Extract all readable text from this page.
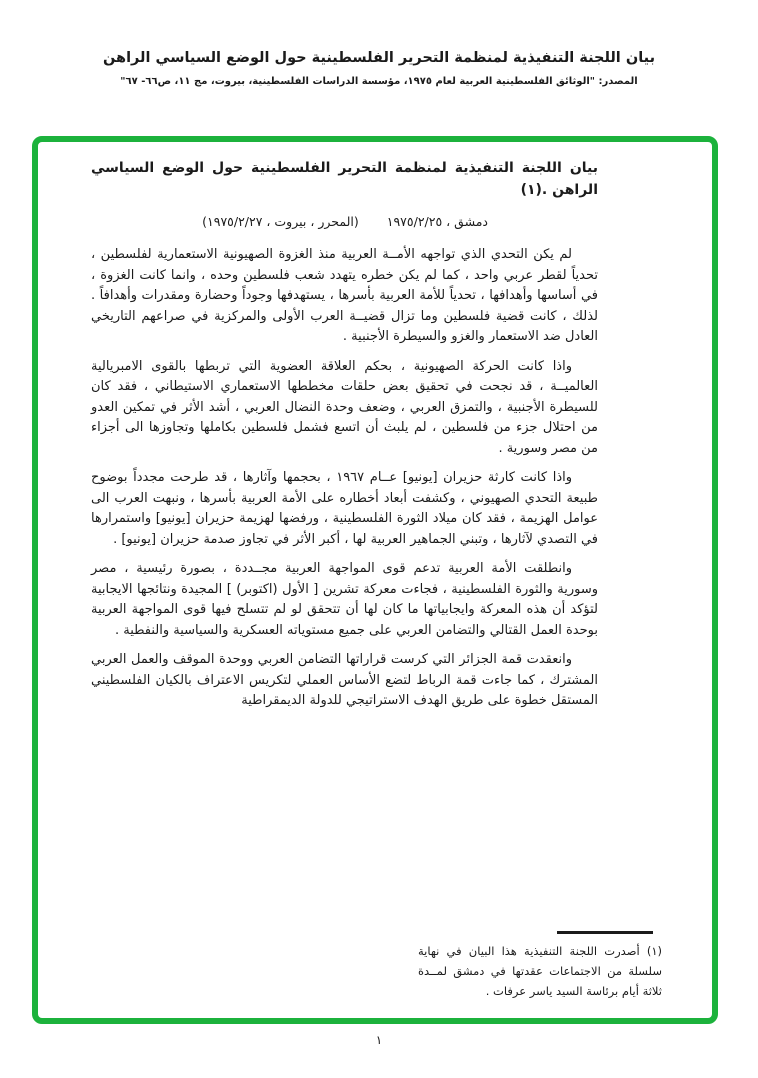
بيان اللجنة التنفيذية لمنظمة التحرير الفلسطينية حول الوضع السياسي الراهن
المصدر: "الوثائق الفلسطينية العربية لعام ١٩٧٥، مؤسسة الدراسات الفلسطينية، بيروت، مج ١١، ص٦٦- ٦٧"

بيان اللجنة التنفيذية لمنظمة التحرير الفلسطينية حول الوضع السياسي الراهن .(١)

دمشق ، ١٩٧٥/٢/٢٥
(المحرر ، بيروت ، ١٩٧٥/٢/٢٧)

لم يكن التحدي الذي تواجهه الأمــة العربية منذ الغزوة الصهيونية الاستعمارية لفلسطين ، تحدياً لقطر عربي واحد ، كما لم يكن خطره يتهدد شعب فلسطين وحده ، وانما كانت الغزوة ، في أساسها وأهدافها ، تحدياً للأمة العربية بأسرها ، يستهدفها وجوداً وحضارة ومقدرات وأهدافاً . لذلك ، كانت قضية فلسطين وما تزال قضيــة العرب الأولى والمركزية في صراعهم التاريخي العادل ضد الاستعمار والغزو والسيطرة الأجنبية .

واذا كانت الحركة الصهيونية ، بحكم العلاقة العضوية التي تربطها بالقوى الامبريالية العالميــة ، قد نجحت في تحقيق بعض حلقات مخططها الاستعماري الاستيطاني ، فقد كان للسيطرة الأجنبية ، والتمزق العربي ، وضعف وحدة النضال العربي ، أشد الأثر في تمكين العدو من احتلال جزء من فلسطين ، لم يلبث أن اتسع فشمل فلسطين بكاملها وتجاوزها الى أجزاء من مصر وسورية .

واذا كانت كارثة حزيران [يونيو] عــام ١٩٦٧ ، بحجمها وآثارها ، قد طرحت مجدداً بوضوح طبيعة التحدي الصهيوني ، وكشفت أبعاد أخطاره على الأمة العربية بأسرها ، ونبهت العرب الى عوامل الهزيمة ، فقد كان ميلاد الثورة الفلسطينية ، ورفضها لهزيمة حزيران [يونيو] واستمرارها في التصدي لآثارها ، وتبني الجماهير العربية لها ، أكبر الأثر في تجاوز صدمة حزيران [يونيو] .

وانطلقت الأمة العربية تدعم قوى المواجهة العربية مجــددة ، بصورة رئيسية ، مصر وسورية والثورة الفلسطينية ، فجاءت معركة تشرين [ الأول (اكتوبر) ] المجيدة ونتائجها الايجابية لتؤكد أن هذه المعركة وايجابياتها ما كان لها أن تتحقق لو لم تتسلح فيها قوى المواجهة العربية بوحدة العمل القتالي والتضامن العربي على جميع مستوياته العسكرية والسياسية والنفطية .

وانعقدت قمة الجزائر التي كرست قراراتها التضامن العربي ووحدة الموقف والعمل العربي المشترك ، كما جاءت قمة الرباط لتضع الأساس العملي لتكريس الاعتراف بالكيان الفلسطيني المستقل خطوة على طريق الهدف الاستراتيجي للدولة الديمقراطية

(١) أصدرت اللجنة التنفيذية هذا البيان في نهاية سلسلة من الاجتماعات عقدتها في دمشق لمــدة ثلاثة أيام برئاسة السيد ياسر عرفات .
١
